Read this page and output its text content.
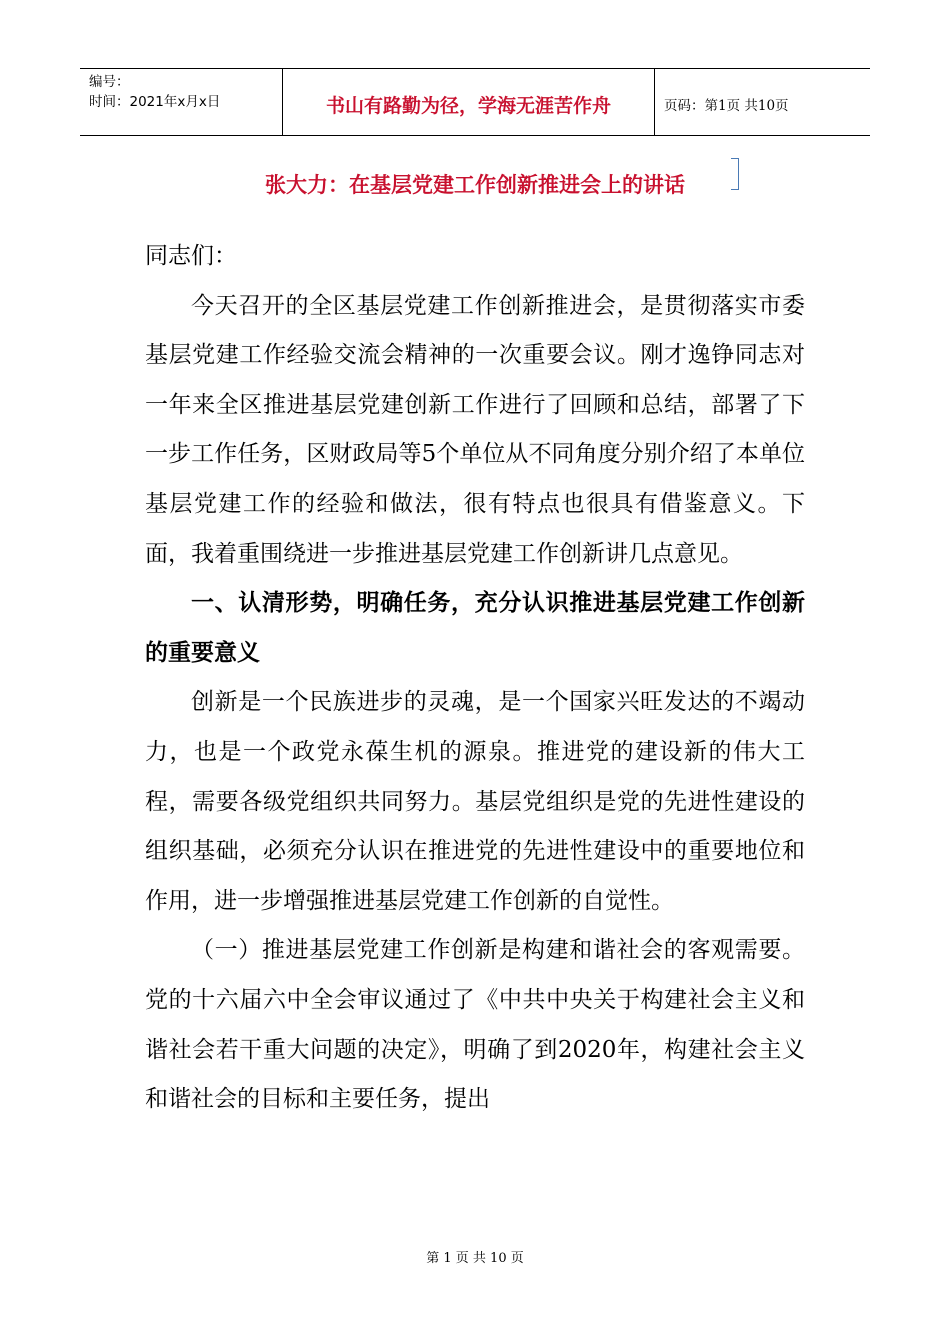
编号：
时间：2021年x月x日	书山有路勤为径，学海无涯苦作舟	页码：第1页 共10页
张大力：在基层党建工作创新推进会上的讲话

同志们：

今天召开的全区基层党建工作创新推进会，是贯彻落实市委基层党建工作经验交流会精神的一次重要会议。刚才逸铮同志对一年来全区推进基层党建创新工作进行了回顾和总结，部署了下一步工作任务，区财政局等5个单位从不同角度分别介绍了本单位基层党建工作的经验和做法，很有特点也很具有借鉴意义。下面，我着重围绕进一步推进基层党建工作创新讲几点意见。

一、认清形势，明确任务，充分认识推进基层党建工作创新的重要意义

创新是一个民族进步的灵魂，是一个国家兴旺发达的不竭动力，也是一个政党永葆生机的源泉。推进党的建设新的伟大工程，需要各级党组织共同努力。基层党组织是党的先进性建设的组织基础，必须充分认识在推进党的先进性建设中的重要地位和作用，进一步增强推进基层党建工作创新的自觉性。

（一）推进基层党建工作创新是构建和谐社会的客观需要。党的十六届六中全会审议通过了《中共中央关于构建社会主义和谐社会若干重大问题的决定》，明确了到2020年，构建社会主义和谐社会的目标和主要任务，提出

第 1 页 共 10 页
